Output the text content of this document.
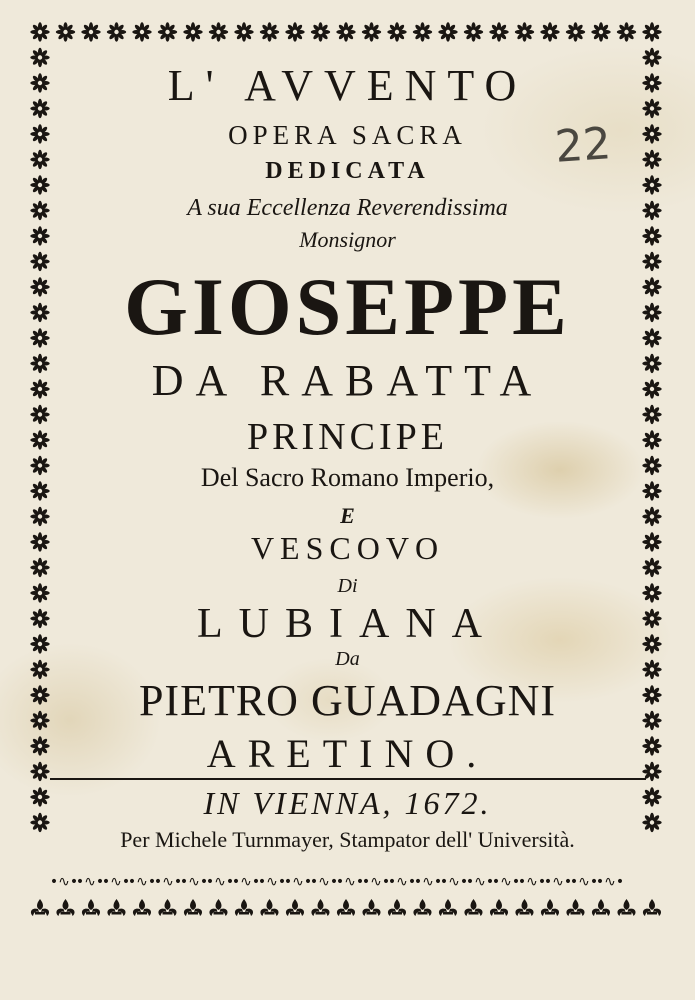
•∿•
•∿•
•∿•
•∿•
•∿•
•∿•
•∿•
•∿•
•∿•
•∿•
•∿•
•∿•
•∿•
•∿•
•∿•
•∿•
•∿•
•∿•
•∿•
•∿•
•∿•
•∿•
L' AVVENTO
OPERA SACRA
DEDICATA
A sua Eccellenza Reverendissima
Monsignor
GIOSEPPE
DA RABATTA
PRINCIPE
Del Sacro Romano Imperio,
E
VESCOVO
Di
LUBIANA
Da
PIETRO GUADAGNI
ARETINO.
IN VIENNA, 1672.
Per Michele Turnmayer, Stampator dell' Università.
22
